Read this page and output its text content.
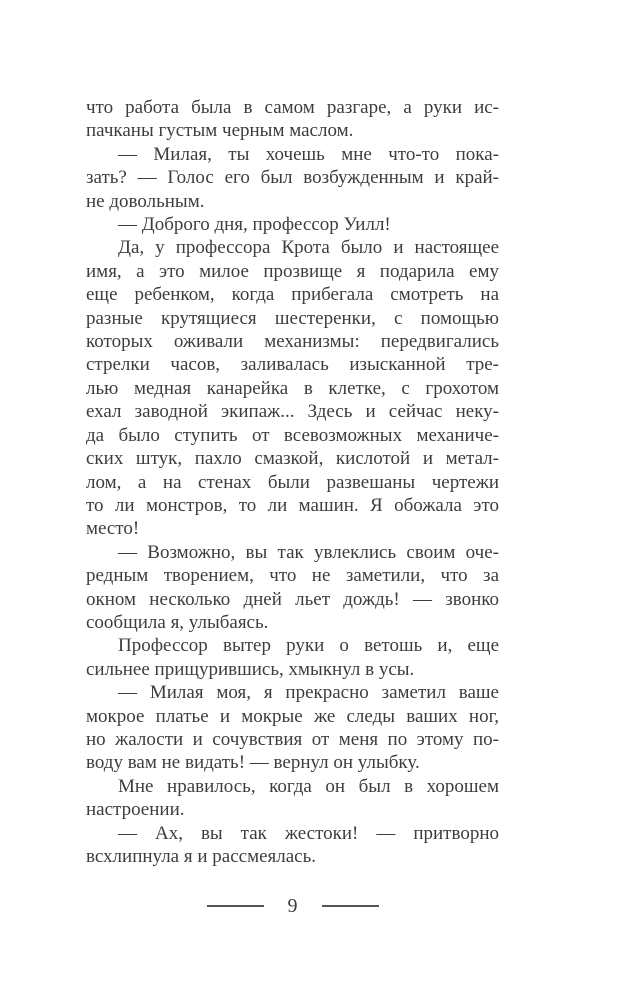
что работа была в самом разгаре, а руки ис-
пачканы густым черным маслом.
— Милая, ты хочешь мне что-то пока-
зать? — Голос его был возбужденным и край-
не довольным.
— Доброго дня, профессор Уилл!
Да, у профессора Крота было и настоящее
имя, а это милое прозвище я подарила ему
еще ребенком, когда прибегала смотреть на
разные крутящиеся шестеренки, с помощью
которых оживали механизмы: передвигались
стрелки часов, заливалась изысканной тре-
лью медная канарейка в клетке, с грохотом
ехал заводной экипаж... Здесь и сейчас неку-
да было ступить от всевозможных механиче-
ских штук, пахло смазкой, кислотой и метал-
лом, а на стенах были развешаны чертежи
то ли монстров, то ли машин. Я обожала это
место!
— Возможно, вы так увлеклись своим оче-
редным творением, что не заметили, что за
окном несколько дней льет дождь! — звонко
сообщила я, улыбаясь.
Профессор вытер руки о ветошь и, еще
сильнее прищурившись, хмыкнул в усы.
— Милая моя, я прекрасно заметил ваше
мокрое платье и мокрые же следы ваших ног,
но жалости и сочувствия от меня по этому по-
воду вам не видать! — вернул он улыбку.
Мне нравилось, когда он был в хорошем
настроении.
— Ах, вы так жестоки! — притворно
всхлипнула я и рассмеялась.
9
